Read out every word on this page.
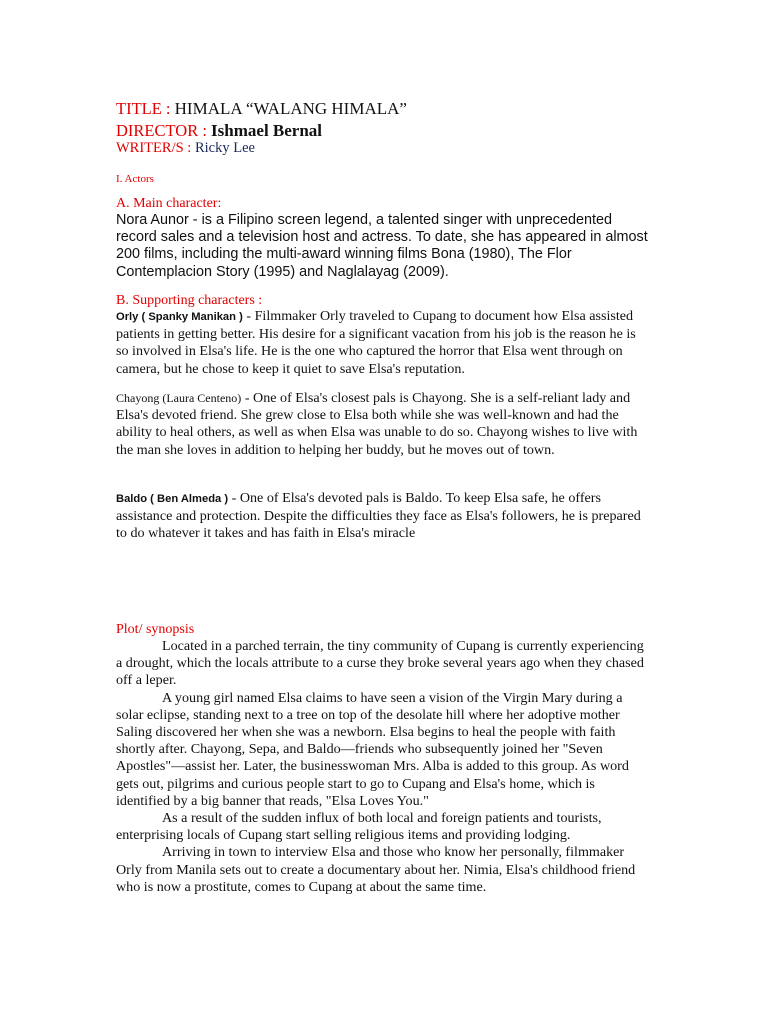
TITLE : HIMALA “WALANG HIMALA”
DIRECTOR : Ishmael Bernal
WRITER/S : Ricky Lee
I. Actors
A. Main character:
Nora Aunor - is a Filipino screen legend, a talented singer with unprecedented record sales and a television host and actress. To date, she has appeared in almost 200 films, including the multi-award winning films Bona (1980), The Flor Contemplacion Story (1995) and Naglalayag (2009).
B. Supporting characters :

Orly ( Spanky Manikan ) - Filmmaker Orly traveled to Cupang to document how Elsa assisted patients in getting better. His desire for a significant vacation from his job is the reason he is so involved in Elsa's life. He is the one who captured the horror that Elsa went through on camera, but he chose to keep it quiet to save Elsa's reputation.

Chayong (Laura Centeno) - One of Elsa's closest pals is Chayong. She is a self-reliant lady and Elsa's devoted friend. She grew close to Elsa both while she was well-known and had the ability to heal others, as well as when Elsa was unable to do so. Chayong wishes to live with the man she loves in addition to helping her buddy, but he moves out of town.

Baldo ( Ben Almeda ) - One of Elsa's devoted pals is Baldo. To keep Elsa safe, he offers assistance and protection. Despite the difficulties they face as Elsa's followers, he is prepared to do whatever it takes and has faith in Elsa's miracle

Plot/ synopsis

Located in a parched terrain, the tiny community of Cupang is currently experiencing a drought, which the locals attribute to a curse they broke several years ago when they chased off a leper.

A young girl named Elsa claims to have seen a vision of the Virgin Mary during a solar eclipse, standing next to a tree on top of the desolate hill where her adoptive mother Saling discovered her when she was a newborn. Elsa begins to heal the people with faith shortly after. Chayong, Sepa, and Baldo—friends who subsequently joined her "Seven Apostles"—assist her. Later, the businesswoman Mrs. Alba is added to this group. As word gets out, pilgrims and curious people start to go to Cupang and Elsa's home, which is identified by a big banner that reads, "Elsa Loves You."

As a result of the sudden influx of both local and foreign patients and tourists, enterprising locals of Cupang start selling religious items and providing lodging.

Arriving in town to interview Elsa and those who know her personally, filmmaker Orly from Manila sets out to create a documentary about her. Nimia, Elsa's childhood friend who is now a prostitute, comes to Cupang at about the same time.
